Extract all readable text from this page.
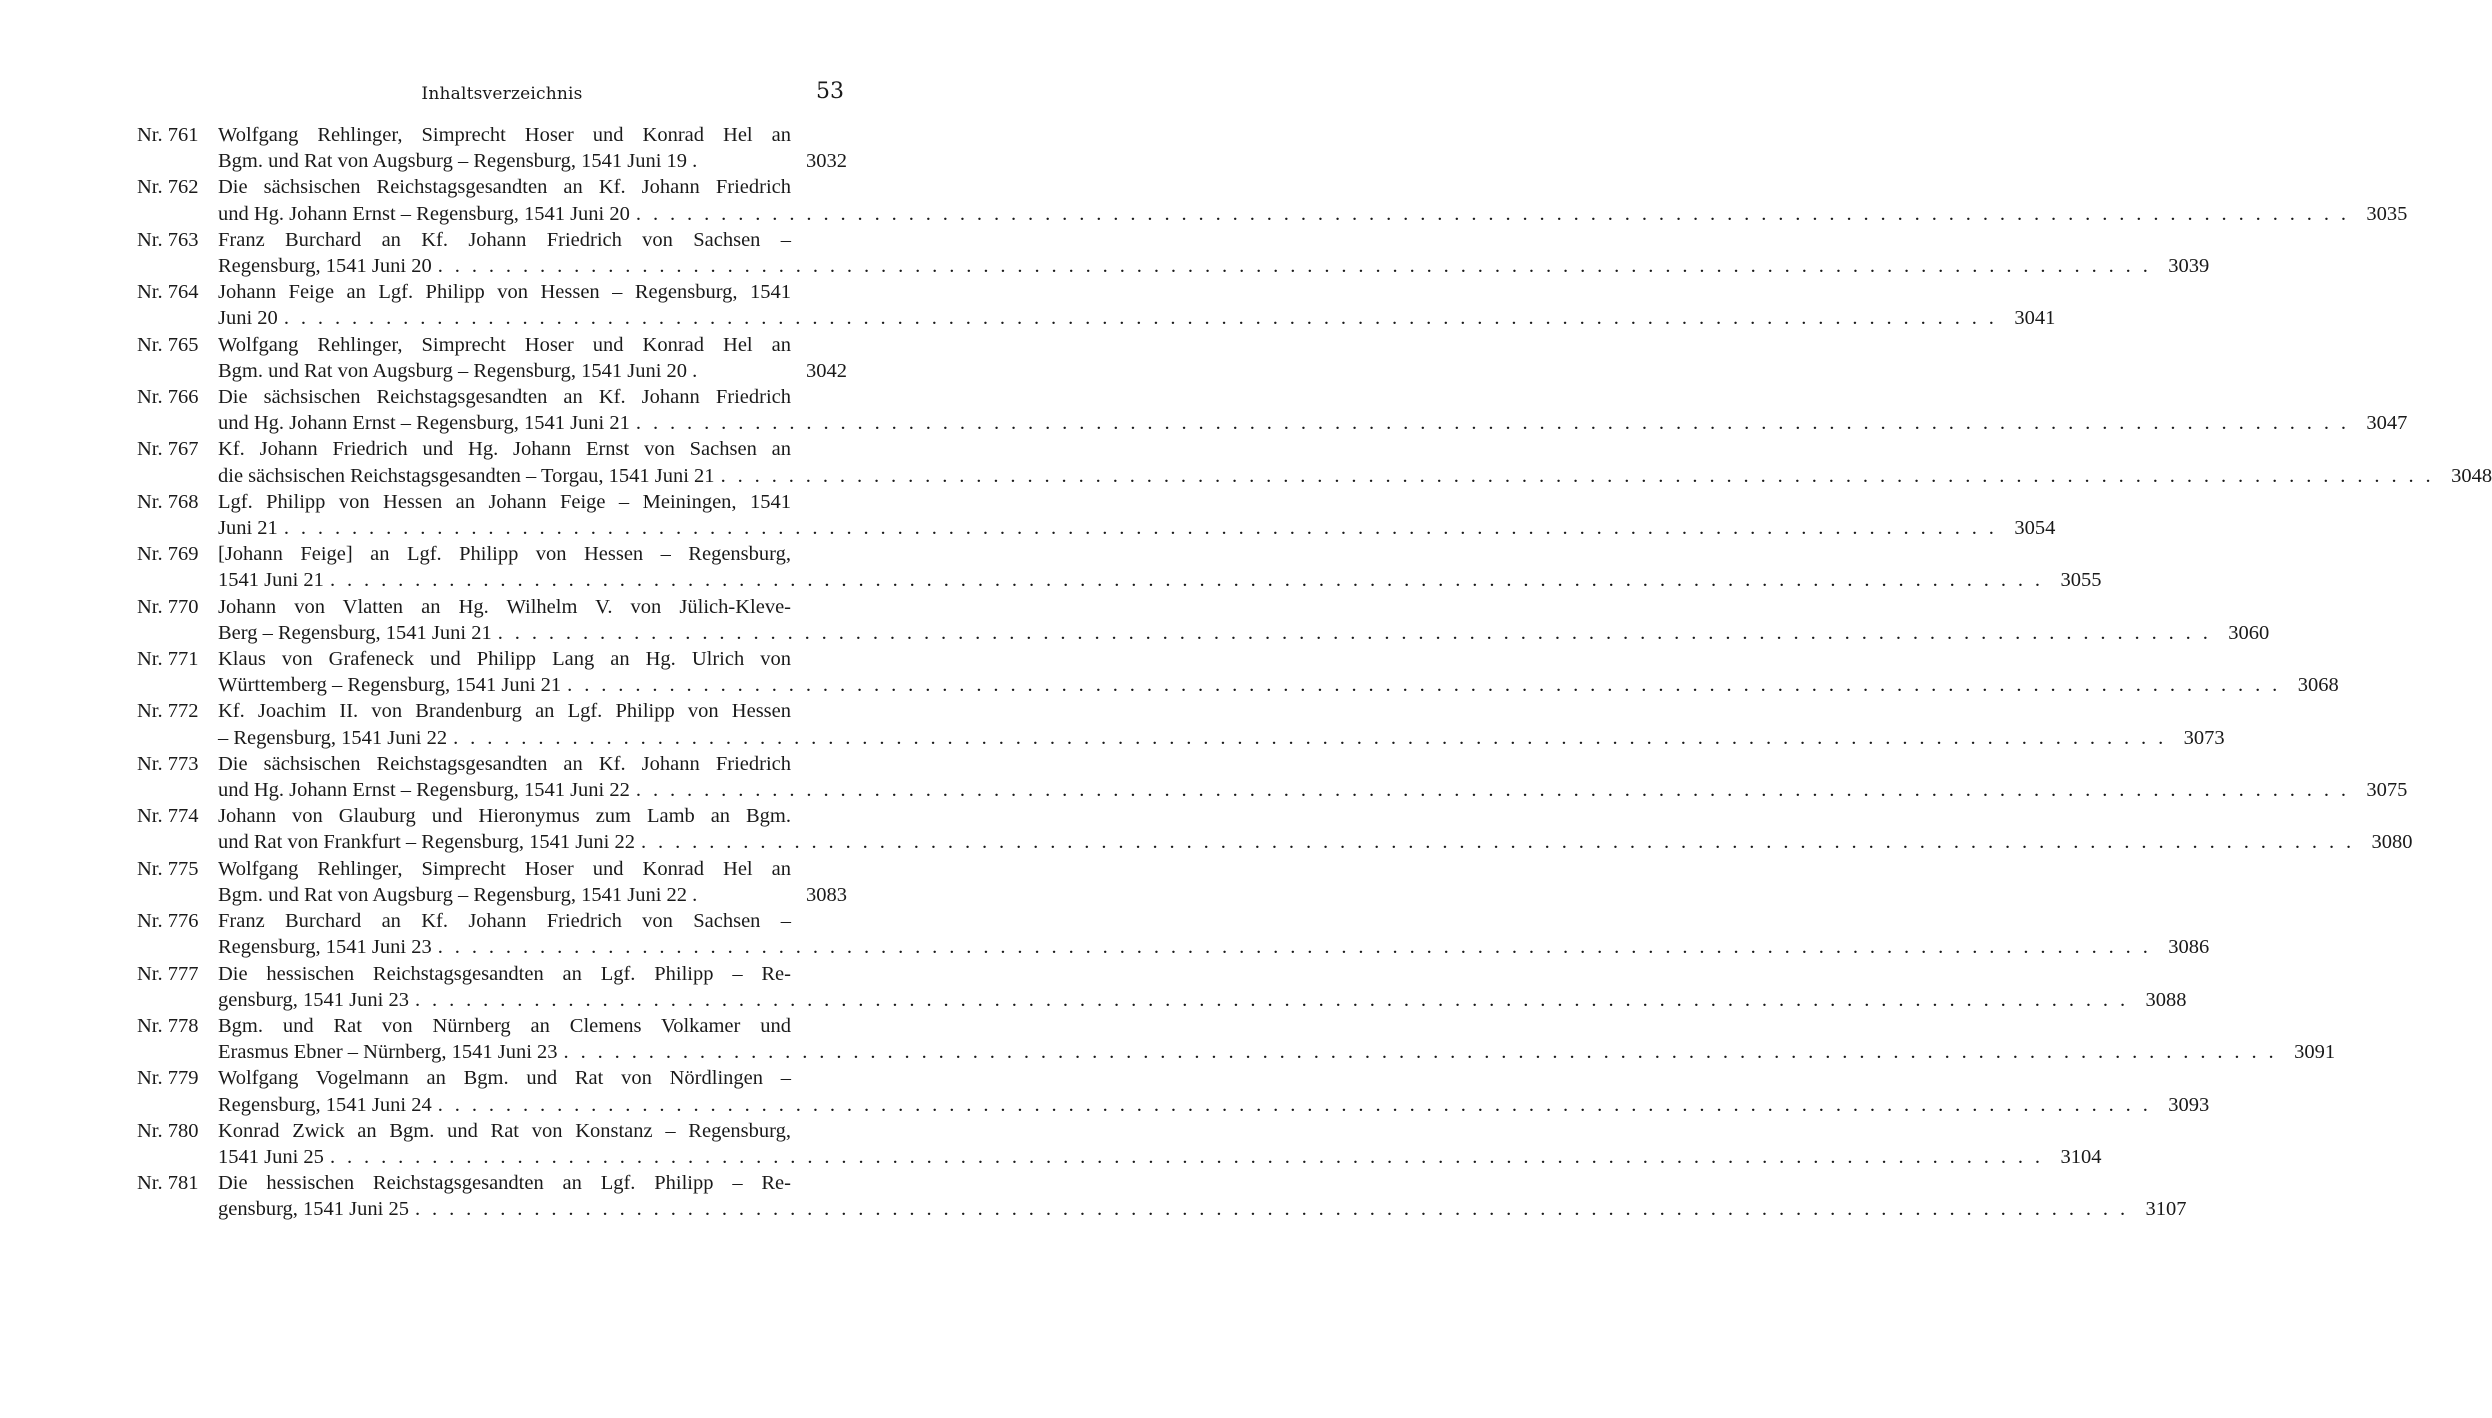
Inhaltsverzeichnis	53
Nr. 761 Wolfgang Rehlinger, Simprecht Hoser und Konrad Hel an
Bgm. und Rat von Augsburg – Regensburg, 1541 Juni 19 .	3032
Nr. 762 Die sächsischen Reichstagsgesandten an Kf. Johann Friedrich
und Hg. Johann Ernst – Regensburg, 1541 Juni 20 . . .	3035
Nr. 763 Franz Burchard an Kf. Johann Friedrich von Sachsen –
Regensburg, 1541 Juni 20 . . .	3039
Nr. 764 Johann Feige an Lgf. Philipp von Hessen – Regensburg, 1541
Juni 20 . . .	3041
Nr. 765 Wolfgang Rehlinger, Simprecht Hoser und Konrad Hel an
Bgm. und Rat von Augsburg – Regensburg, 1541 Juni 20 .	3042
Nr. 766 Die sächsischen Reichstagsgesandten an Kf. Johann Friedrich
und Hg. Johann Ernst – Regensburg, 1541 Juni 21 . . .	3047
Nr. 767 Kf. Johann Friedrich und Hg. Johann Ernst von Sachsen an
die sächsischen Reichstagsgesandten – Torgau, 1541 Juni 21 . . .	3048
Nr. 768 Lgf. Philipp von Hessen an Johann Feige – Meiningen, 1541
Juni 21 . . .	3054
Nr. 769 [Johann Feige] an Lgf. Philipp von Hessen – Regensburg,
1541 Juni 21 . . .	3055
Nr. 770 Johann von Vlatten an Hg. Wilhelm V. von Jülich-Kleve-
Berg – Regensburg, 1541 Juni 21 . . .	3060
Nr. 771 Klaus von Grafeneck und Philipp Lang an Hg. Ulrich von
Württemberg – Regensburg, 1541 Juni 21 . . .	3068
Nr. 772 Kf. Joachim II. von Brandenburg an Lgf. Philipp von Hessen
– Regensburg, 1541 Juni 22 . . .	3073
Nr. 773 Die sächsischen Reichstagsgesandten an Kf. Johann Friedrich
und Hg. Johann Ernst – Regensburg, 1541 Juni 22 . . .	3075
Nr. 774 Johann von Glauburg und Hieronymus zum Lamb an Bgm.
und Rat von Frankfurt – Regensburg, 1541 Juni 22 . . .	3080
Nr. 775 Wolfgang Rehlinger, Simprecht Hoser und Konrad Hel an
Bgm. und Rat von Augsburg – Regensburg, 1541 Juni 22 .	3083
Nr. 776 Franz Burchard an Kf. Johann Friedrich von Sachsen –
Regensburg, 1541 Juni 23 . . .	3086
Nr. 777 Die hessischen Reichstagsgesandten an Lgf. Philipp – Re-
gensburg, 1541 Juni 23 . . .	3088
Nr. 778 Bgm. und Rat von Nürnberg an Clemens Volkamer und
Erasmus Ebner – Nürnberg, 1541 Juni 23 . . .	3091
Nr. 779 Wolfgang Vogelmann an Bgm. und Rat von Nördlingen –
Regensburg, 1541 Juni 24 . . .	3093
Nr. 780 Konrad Zwick an Bgm. und Rat von Konstanz – Regensburg,
1541 Juni 25 . . .	3104
Nr. 781 Die hessischen Reichstagsgesandten an Lgf. Philipp – Re-
gensburg, 1541 Juni 25 . . .	3107
